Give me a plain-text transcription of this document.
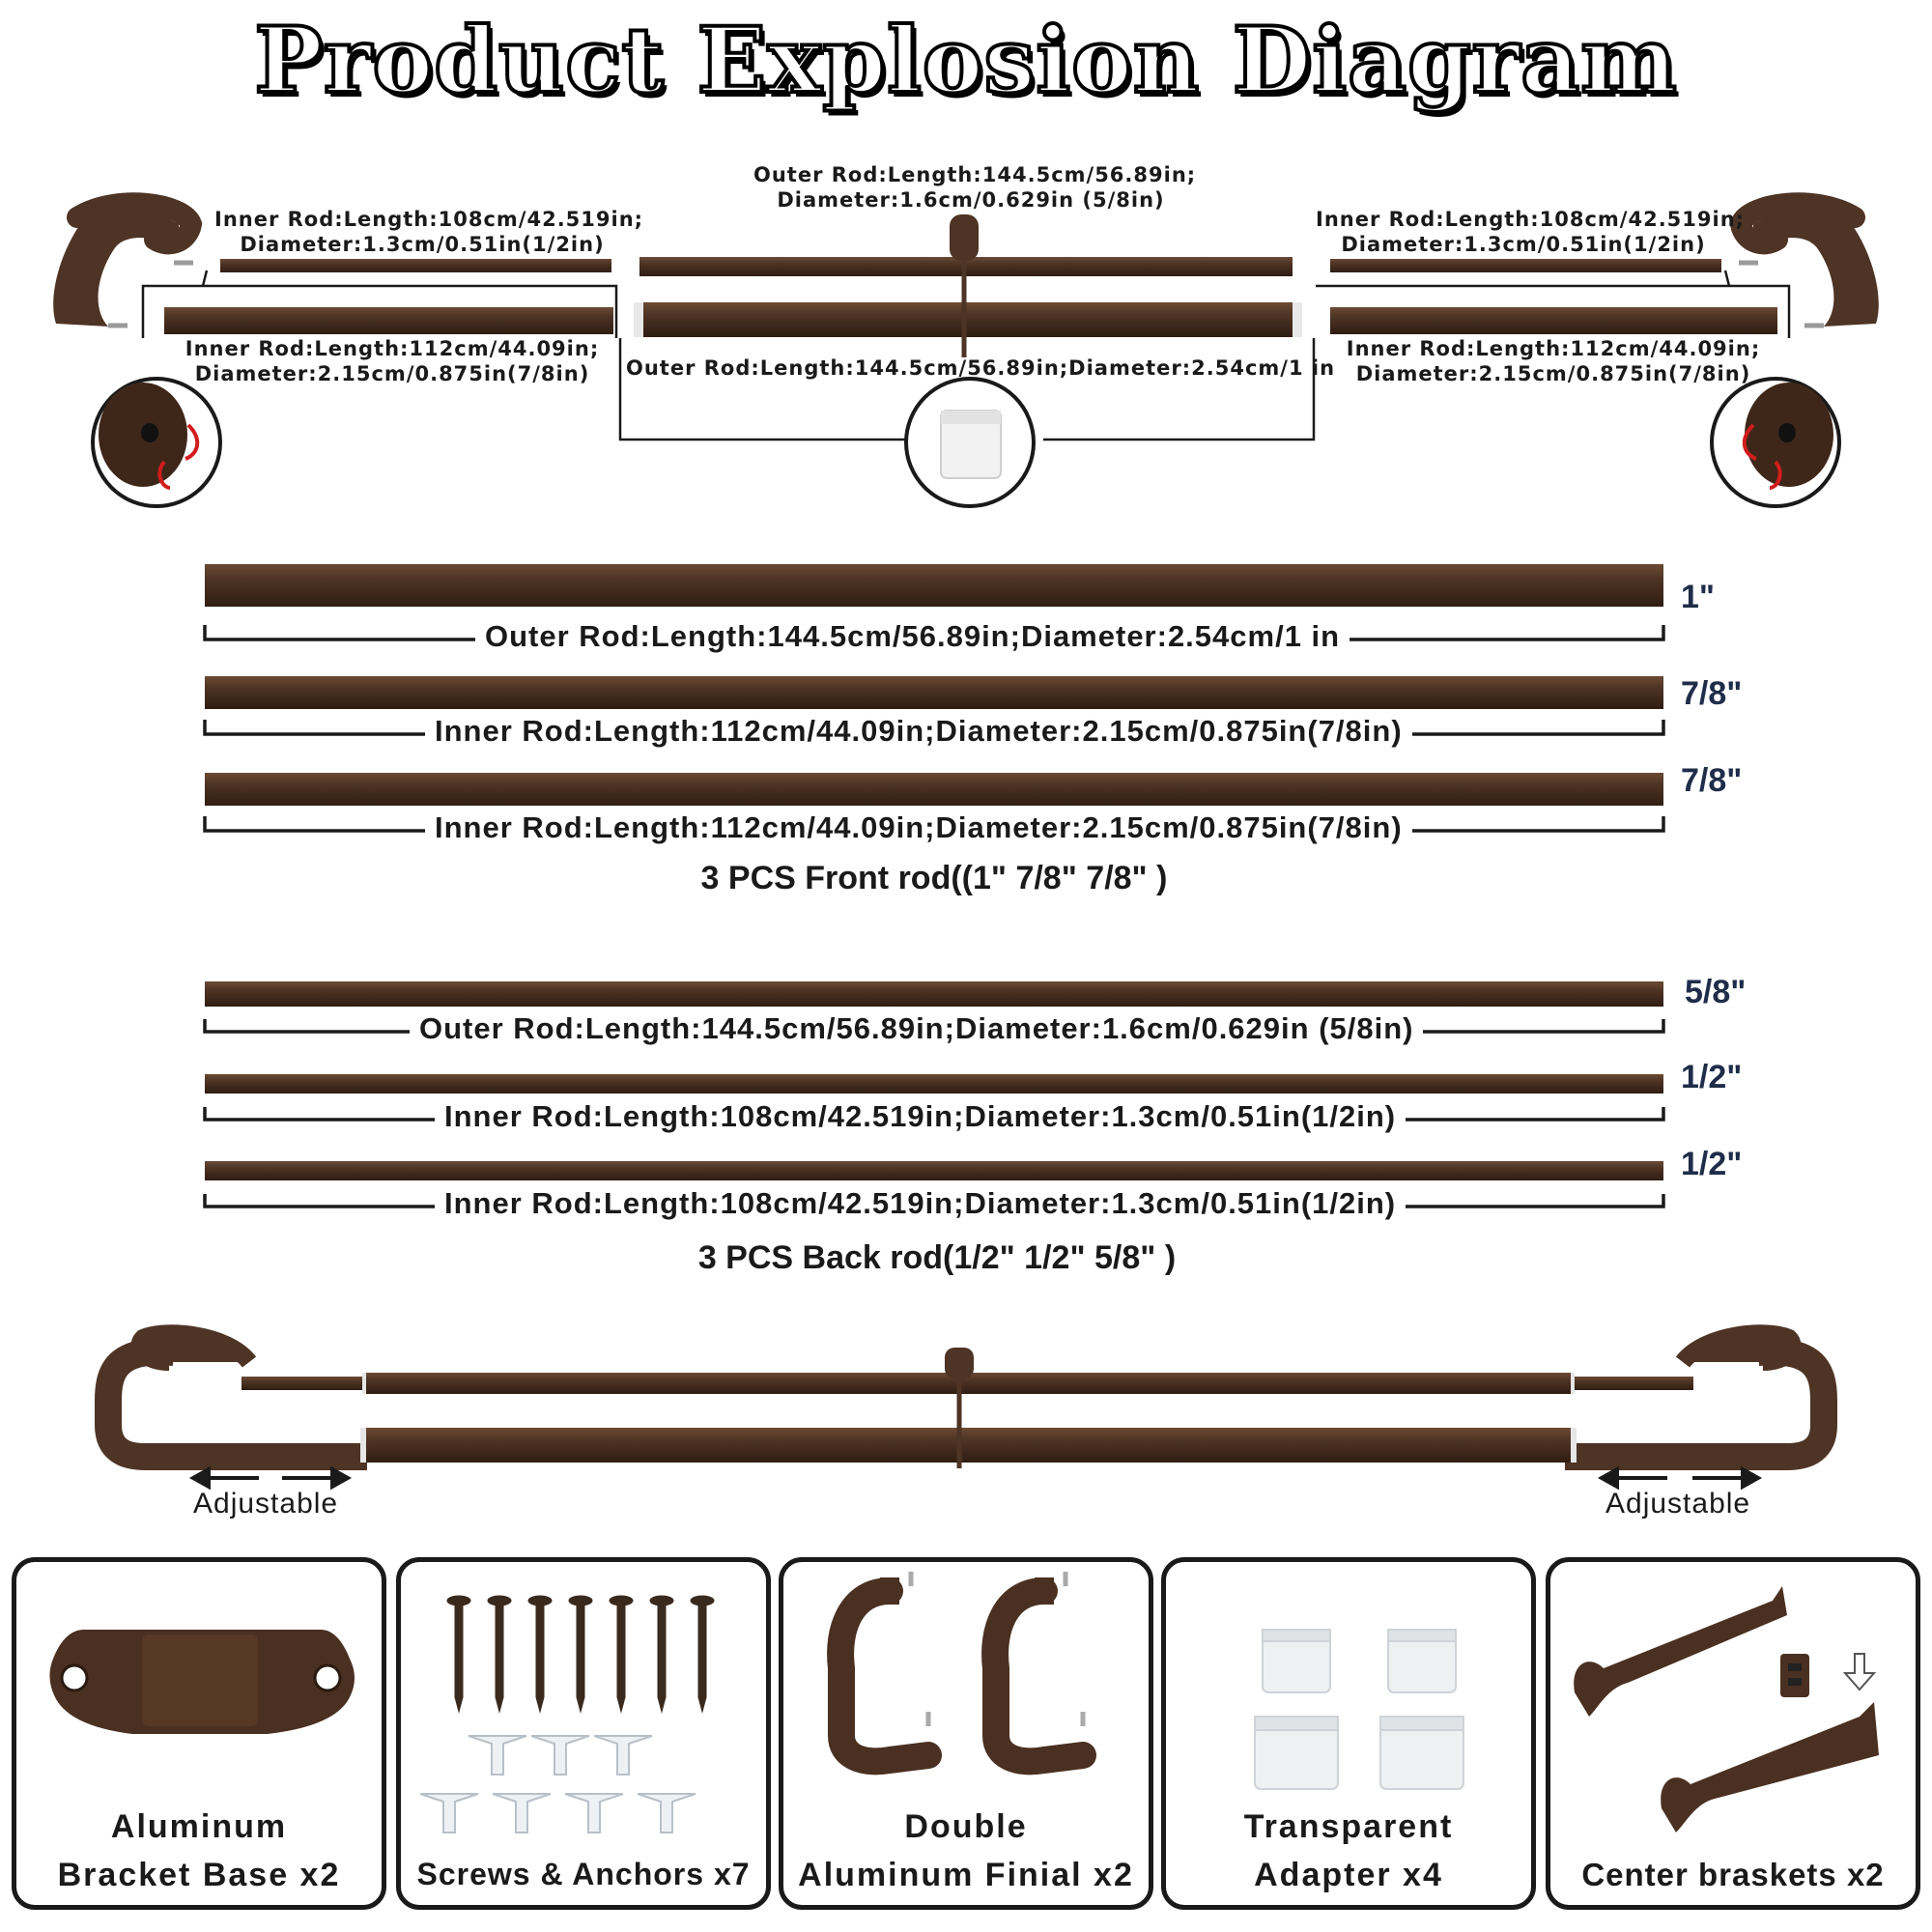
Product Explosion Diagram
Inner Rod:Length:108cm/42.519in;
Diameter:1.3cm/0.51in(1/2in)
Inner Rod:Length:112cm/44.09in;
Diameter:2.15cm/0.875in(7/8in)
Outer Rod:Length:144.5cm/56.89in;
Diameter:1.6cm/0.629in (5/8in)
Outer Rod:Length:144.5cm/56.89in;Diameter:2.54cm/1 in
Inner Rod:Length:108cm/42.519in;
Diameter:1.3cm/0.51in(1/2in)
Inner Rod:Length:112cm/44.09in;
Diameter:2.15cm/0.875in(7/8in)
Outer Rod:Length:144.5cm/56.89in;Diameter:2.54cm/1 in
1"
Inner Rod:Length:112cm/44.09in;Diameter:2.15cm/0.875in(7/8in)
7/8"
Inner Rod:Length:112cm/44.09in;Diameter:2.15cm/0.875in(7/8in)
7/8"
3 PCS Front rod((1" 7/8" 7/8" )
Outer Rod:Length:144.5cm/56.89in;Diameter:1.6cm/0.629in (5/8in)
5/8"
Inner Rod:Length:108cm/42.519in;Diameter:1.3cm/0.51in(1/2in)
1/2"
Inner Rod:Length:108cm/42.519in;Diameter:1.3cm/0.51in(1/2in)
1/2"
3 PCS Back rod(1/2" 1/2" 5/8" )
Adjustable	Adjustable
Aluminum
Bracket Base x2	Screws & Anchors x7
Double
Aluminum Finial x2
Transparent
Adapter x4	Center braskets x2
